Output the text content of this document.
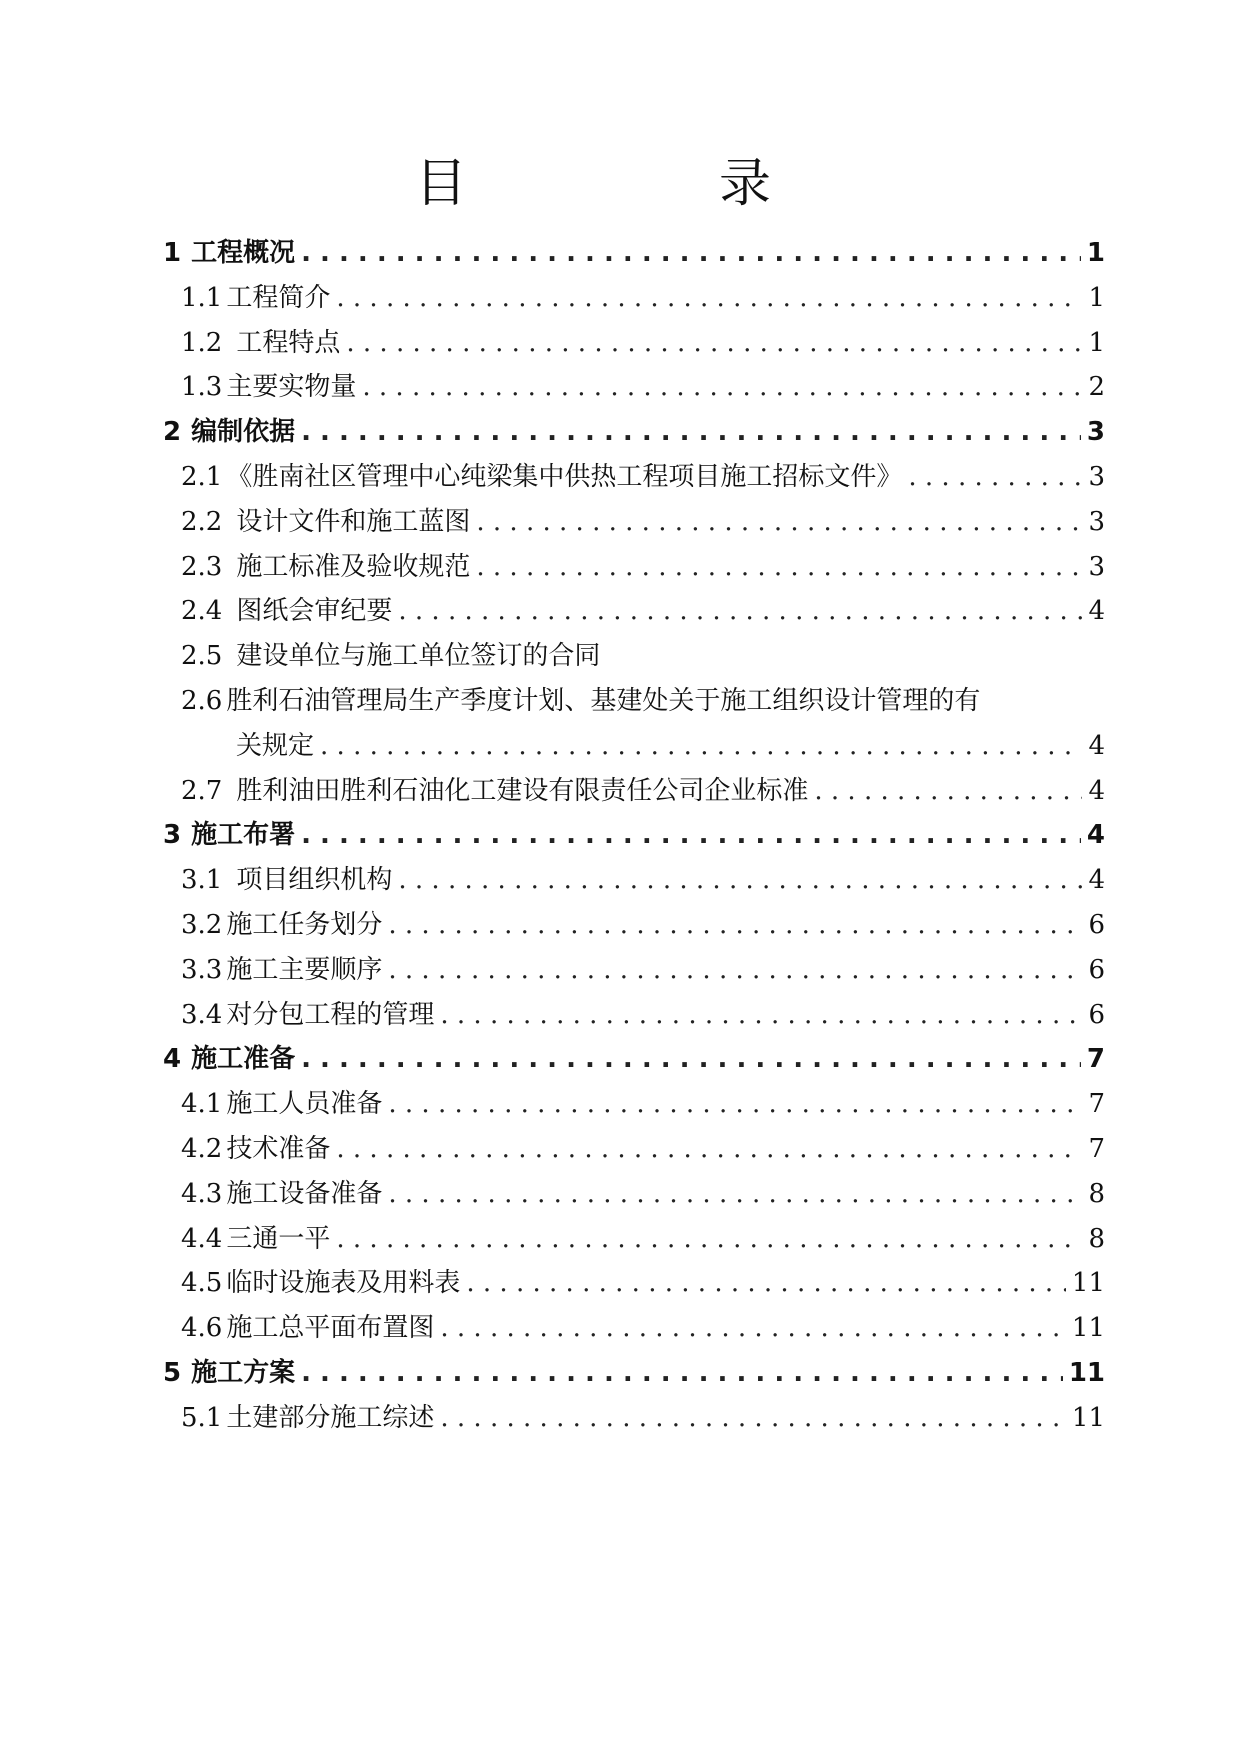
目　录
1 工程概况 . . .	1
1.1 工程简介 . . .	1
1.2 工程特点 . . .	1
1.3 主要实物量 . . .	2
2 编制依据 . . .	3
2.1 《胜南社区管理中心纯梁集中供热工程项目施工招标文件》 . . .	3
2.2 设计文件和施工蓝图 . . .	3
2.3 施工标准及验收规范 . . .	3
2.4 图纸会审纪要 . . .	4
2.5 建设单位与施工单位签订的合同
2.6 胜利石油管理局生产季度计划、基建处关于施工组织设计管理的有
关规定 . . .	4
2.7 胜利油田胜利石油化工建设有限责任公司企业标准 . . .	4
3 施工布署 . . .	4
3.1 项目组织机构 . . .	4
3.2 施工任务划分 . . .	6
3.3 施工主要顺序 . . .	6
3.4 对分包工程的管理 . . .	6
4 施工准备 . . .	7
4.1 施工人员准备 . . .	7
4.2 技术准备 . . .	7
4.3 施工设备准备 . . .	8
4.4 三通一平 . . .	8
4.5 临时设施表及用料表 . . .	11
4.6 施工总平面布置图 . . .	11
5 施工方案 . . .	11
5.1 土建部分施工综述 . . .	11
